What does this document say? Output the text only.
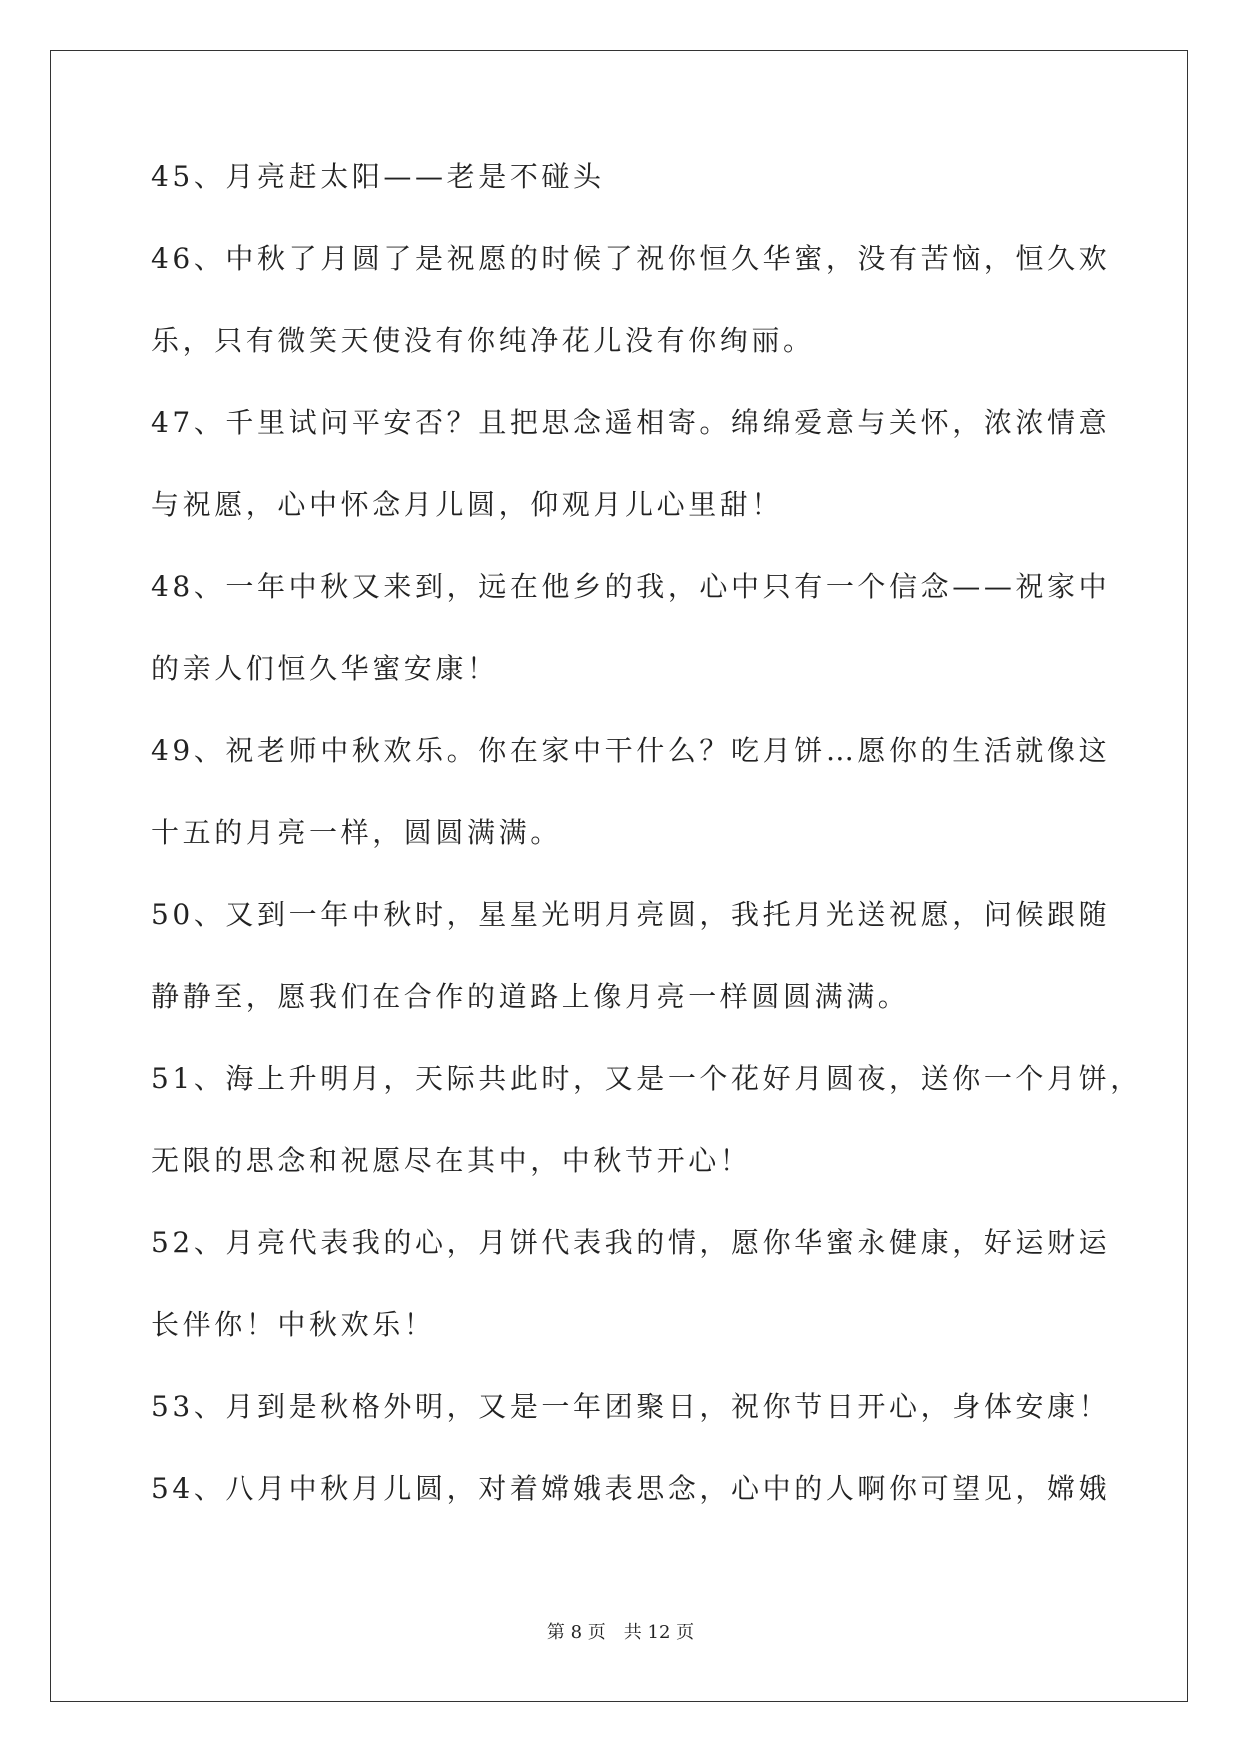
45、月亮赶太阳——老是不碰头

46、中秋了月圆了是祝愿的时候了祝你恒久华蜜，没有苦恼，恒久欢

乐，只有微笑天使没有你纯净花儿没有你绚丽。

47、千里试问平安否？且把思念遥相寄。绵绵爱意与关怀，浓浓情意

与祝愿，心中怀念月儿圆，仰观月儿心里甜！

48、一年中秋又来到，远在他乡的我，心中只有一个信念——祝家中

的亲人们恒久华蜜安康！

49、祝老师中秋欢乐。你在家中干什么？吃月饼…愿你的生活就像这

十五的月亮一样，圆圆满满。

50、又到一年中秋时，星星光明月亮圆，我托月光送祝愿，问候跟随

静静至，愿我们在合作的道路上像月亮一样圆圆满满。

51、海上升明月，天际共此时，又是一个花好月圆夜，送你一个月饼，

无限的思念和祝愿尽在其中，中秋节开心！

52、月亮代表我的心，月饼代表我的情，愿你华蜜永健康，好运财运

长伴你！中秋欢乐！

53、月到是秋格外明，又是一年团聚日，祝你节日开心，身体安康！

54、八月中秋月儿圆，对着嫦娥表思念，心中的人啊你可望见，嫦娥

第 8 页　共 12 页
